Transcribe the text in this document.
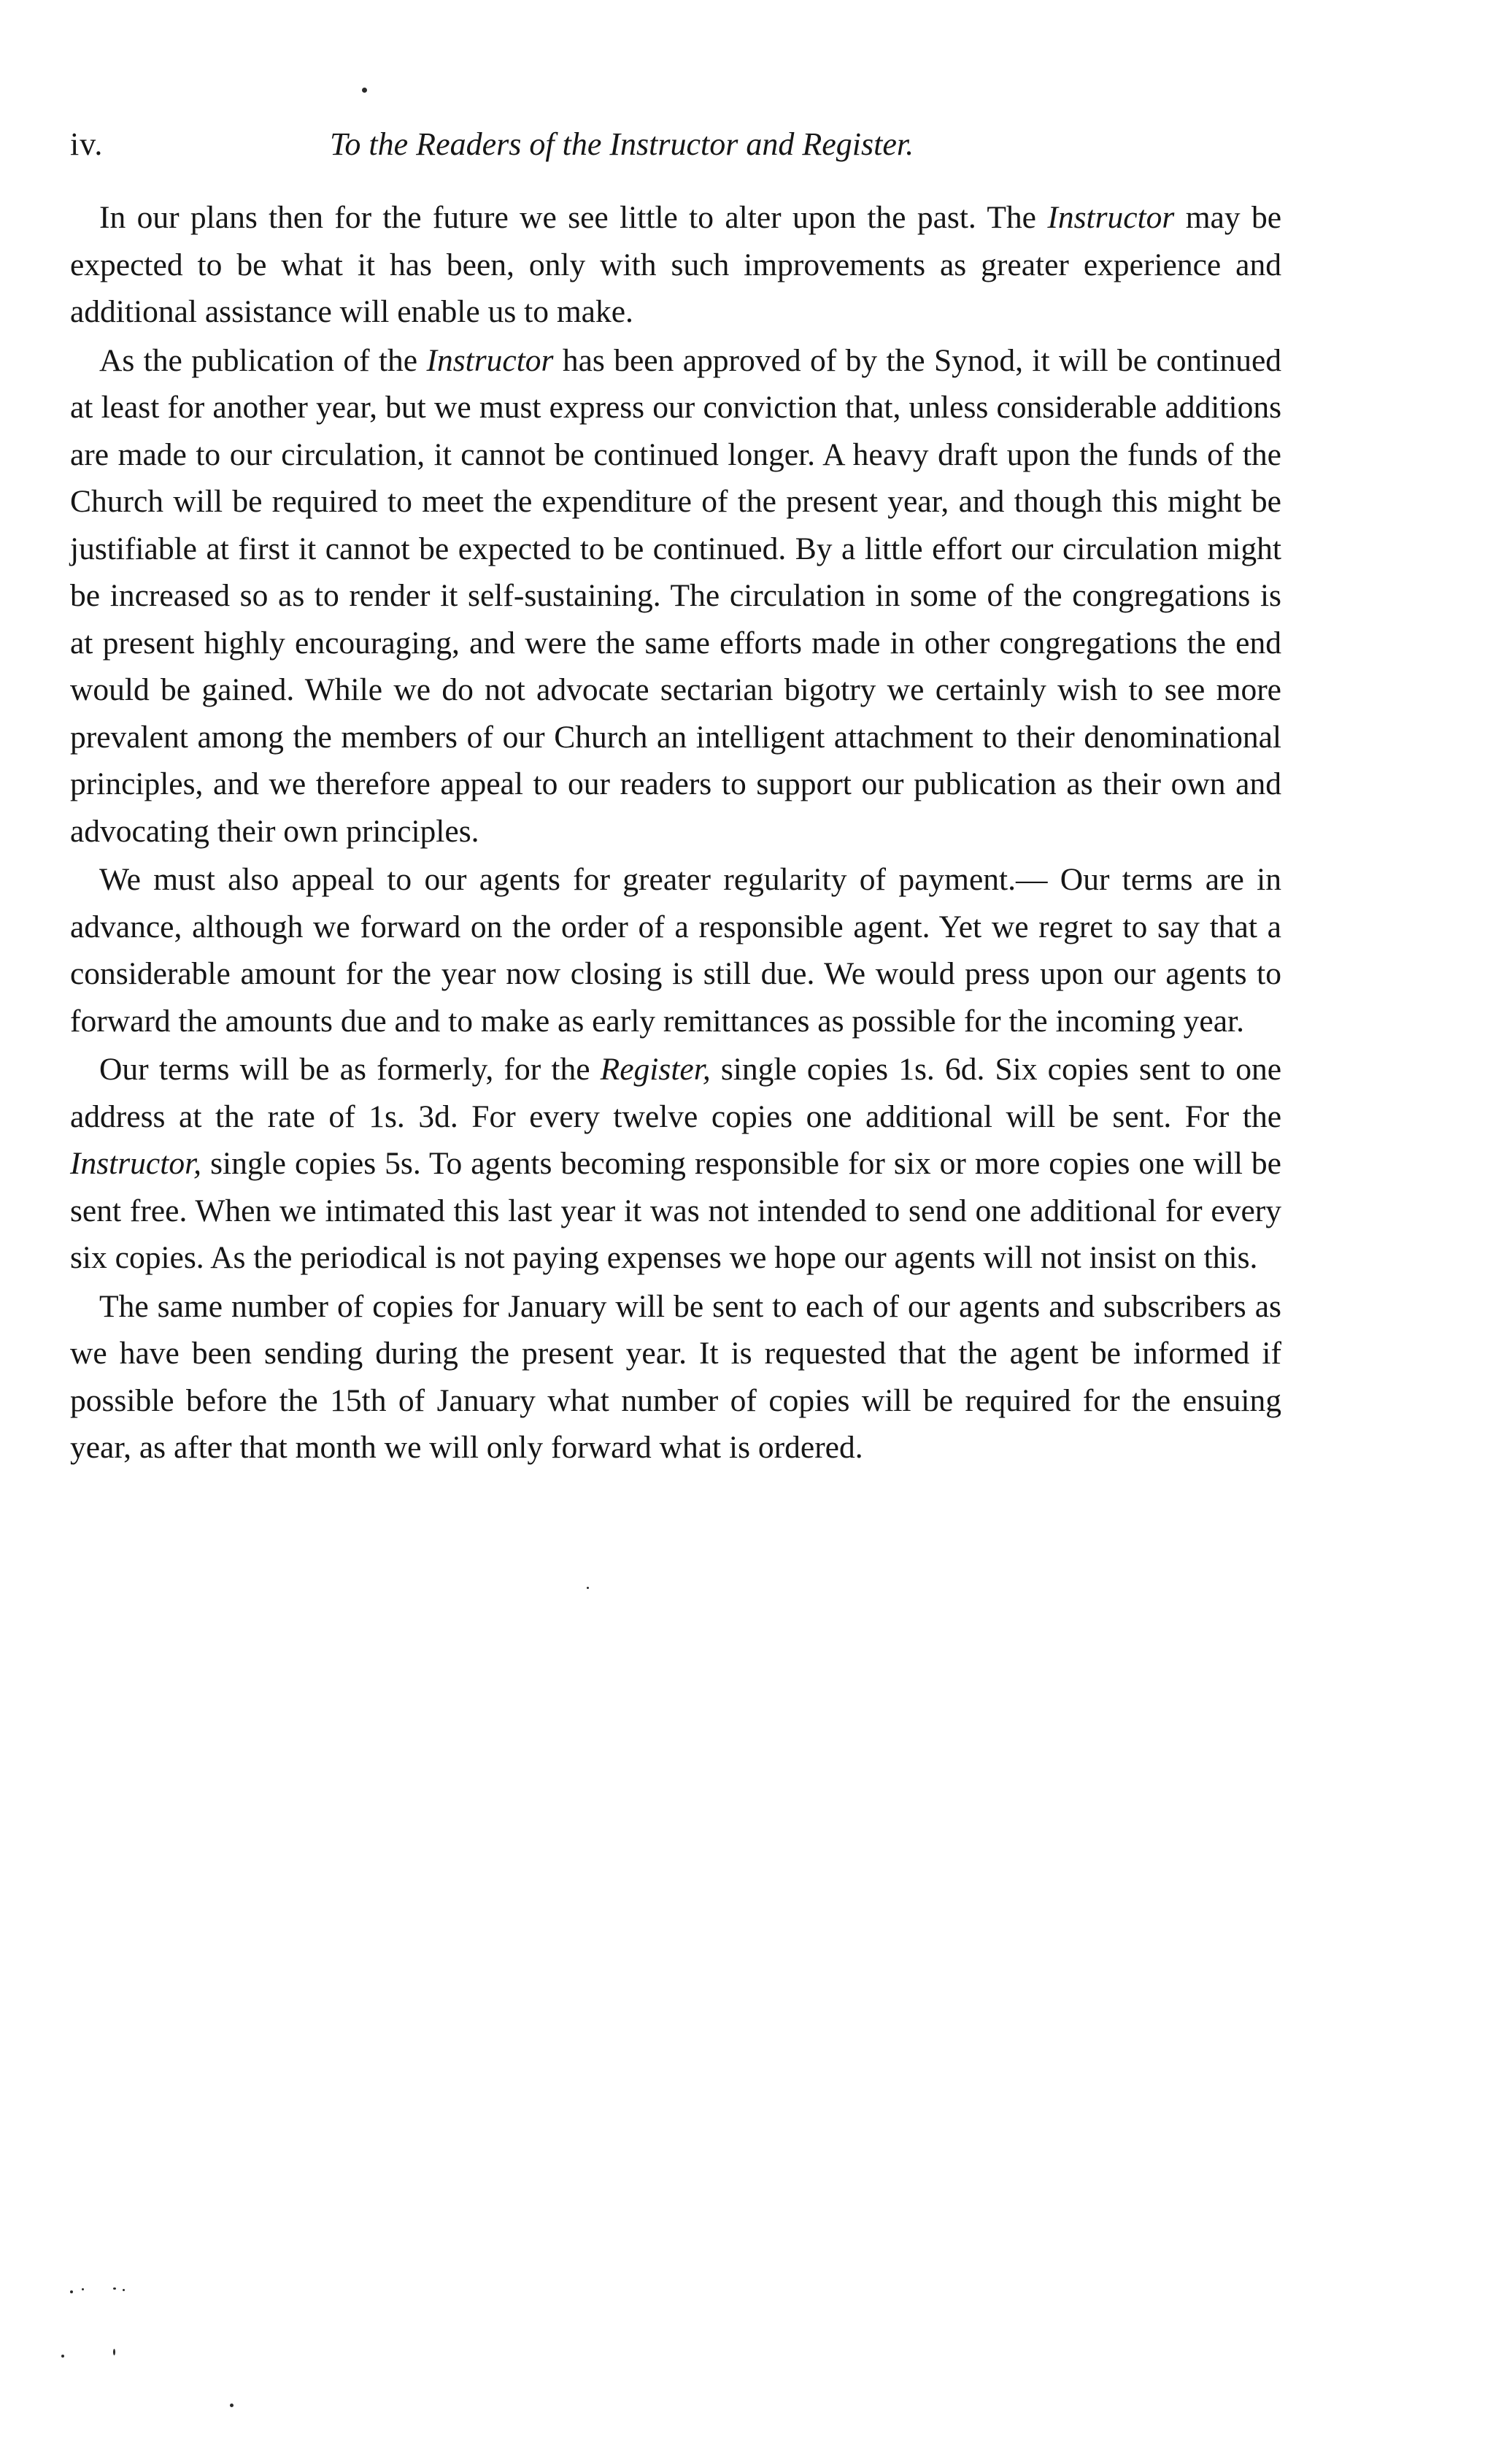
iv.	To the Readers of the Instructor and Register.

In our plans then for the future we see little to alter upon the past. The Instructor may be expected to be what it has been, only with such improvements as greater experience and additional assistance will enable us to make.

As the publication of the Instructor has been approved of by the Synod, it will be continued at least for another year, but we must express our conviction that, unless considerable additions are made to our circulation, it cannot be continued longer. A heavy draft upon the funds of the Church will be required to meet the expenditure of the present year, and though this might be justifiable at first it cannot be expected to be continued. By a little effort our circulation might be increased so as to render it self-sustaining. The circulation in some of the congregations is at present highly encouraging, and were the same efforts made in other congregations the end would be gained. While we do not advocate sectarian bigotry we certainly wish to see more prevalent among the members of our Church an intelligent attachment to their denominational principles, and we therefore appeal to our readers to support our publication as their own and advocating their own principles.

We must also appeal to our agents for greater regularity of payment.— Our terms are in advance, although we forward on the order of a responsible agent. Yet we regret to say that a considerable amount for the year now closing is still due. We would press upon our agents to forward the amounts due and to make as early remittances as possible for the incoming year.

Our terms will be as formerly, for the Register, single copies 1s. 6d. Six copies sent to one address at the rate of 1s. 3d. For every twelve copies one additional will be sent. For the Instructor, single copies 5s. To agents becoming responsible for six or more copies one will be sent free. When we intimated this last year it was not intended to send one additional for every six copies. As the periodical is not paying expenses we hope our agents will not insist on this.

The same number of copies for January will be sent to each of our agents and subscribers as we have been sending during the present year. It is requested that the agent be informed if possible before the 15th of January what number of copies will be required for the ensuing year, as after that month we will only forward what is ordered.
